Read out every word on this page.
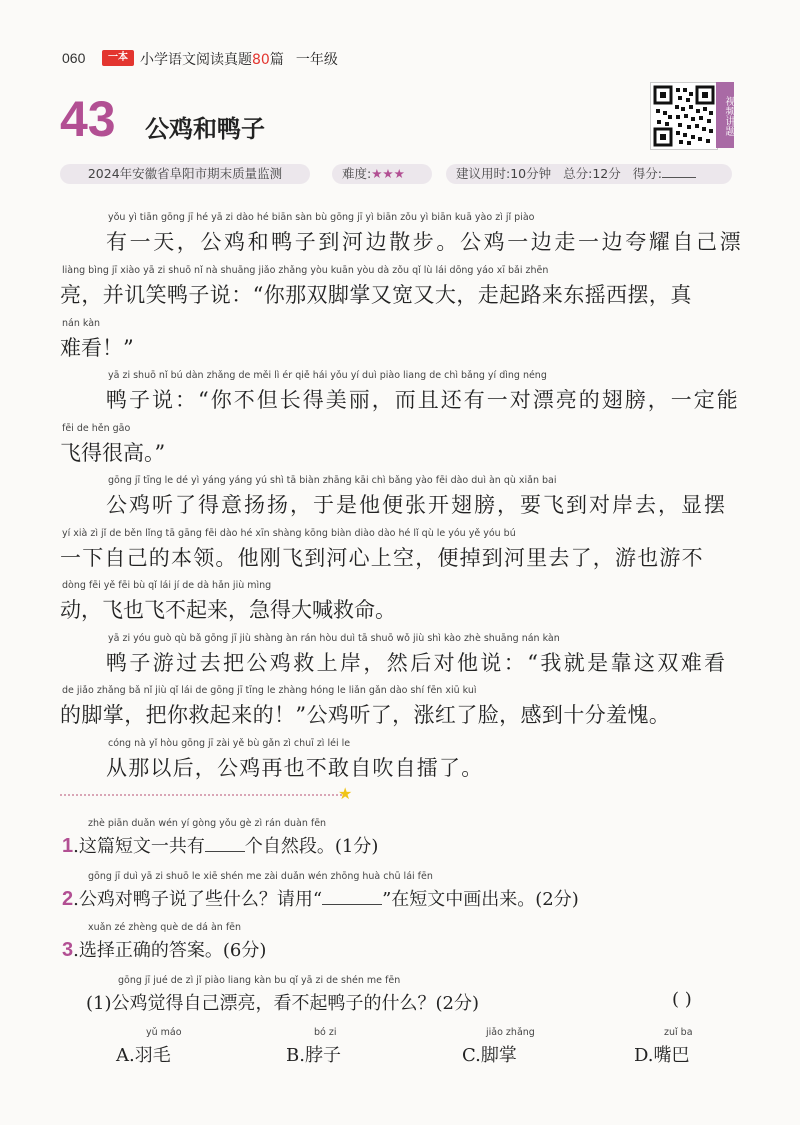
060	一本 小学语文阅读真题80篇 一年级
43 公鸡和鸭子	视频讲题
2024年安徽省阜阳市期末质量监测	难度:★★★	建议用时:10分钟 总分:12分 得分:
yǒu yì tiān gōng jī hé yā zi dào hé biān sàn bù gōng jī yì biān zǒu yì biān kuā yào zì jǐ piào
有一天，公鸡和鸭子到河边散步。公鸡一边走一边夸耀自己漂
liàng bìng jī xiào yā zi shuō nǐ nà shuāng jiǎo zhǎng yòu kuān yòu dà zǒu qǐ lù lái dōng yáo xī bǎi zhēn
亮，并讥笑鸭子说：“你那双脚掌又宽又大，走起路来东摇西摆，真
nán kàn
难看！”
yā zi shuō nǐ bú dàn zhǎng de měi lì ér qiě hái yǒu yí duì piào liang de chì bǎng yí dìng néng
鸭子说：“你不但长得美丽，而且还有一对漂亮的翅膀，一定能
fēi de hěn gāo
飞得很高。”
gōng jī tīng le dé yì yáng yáng yú shì tā biàn zhāng kāi chì bǎng yào fēi dào duì àn qù xiǎn bai
公鸡听了得意扬扬，于是他便张开翅膀，要飞到对岸去，显摆
yí xià zì jǐ de běn lǐng tā gāng fēi dào hé xīn shàng kōng biàn diào dào hé lǐ qù le yóu yě yóu bú
一下自己的本领。他刚飞到河心上空，便掉到河里去了，游也游不
dòng fēi yě fēi bù qǐ lái jí de dà hǎn jiù mìng
动，飞也飞不起来，急得大喊救命。
yā zi yóu guò qù bǎ gōng jī jiù shàng àn rán hòu duì tā shuō wǒ jiù shì kào zhè shuāng nán kàn
鸭子游过去把公鸡救上岸，然后对他说：“我就是靠这双难看
de jiǎo zhǎng bǎ nǐ jiù qǐ lái de gōng jī tīng le zhàng hóng le liǎn gǎn dào shí fēn xiū kuì
的脚掌，把你救起来的！”公鸡听了，涨红了脸，感到十分羞愧。
cóng nà yǐ hòu gōng jī zài yě bù gǎn zì chuī zì léi le
从那以后，公鸡再也不敢自吹自擂了。
★
zhè piān duǎn wén yí gòng yǒu gè zì rán duàn fēn
1.这篇短文一共有 个自然段。(1分)
gōng jī duì yā zi shuō le xiē shén me zài duǎn wén zhōng huà chū lái fēn
2.公鸡对鸭子说了些什么？请用“	”在短文中画出来。(2分)
xuǎn zé zhèng què de dá àn fēn
3.选择正确的答案。(6分)
gōng jī jué de zì jǐ piào liang kàn bu qǐ yā zi de shén me fēn
(1)公鸡觉得自己漂亮，看不起鸭子的什么？(2分)	( )
yǔ máo
A.羽毛
bó zi
B.脖子
jiǎo zhǎng
C.脚掌
zuǐ ba
D.嘴巴
